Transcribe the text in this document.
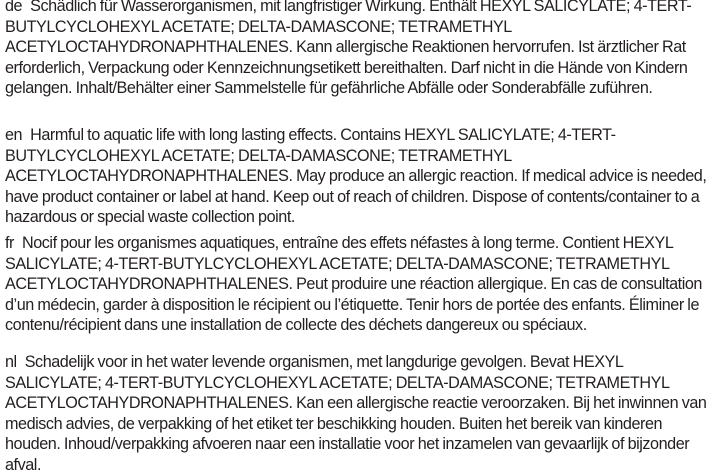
de Schädlich für Wasserorganismen, mit langfristiger Wirkung. Enthält HEXYL SALICYLATE; 4-TERT-BUTYLCYCLOHEXYL ACETATE; DELTA-DAMASCONE; TETRAMETHYL ACETYLOCTAHYDRONAPHTHALENES. Kann allergische Reaktionen hervorrufen. Ist ärztlicher Rat erforderlich, Verpackung oder Kennzeichnungsetikett bereithalten. Darf nicht in die Hände von Kindern gelangen. Inhalt/Behälter einer Sammelstelle für gefährliche Abfälle oder Sonderabfälle zuführen.

en Harmful to aquatic life with long lasting effects. Contains HEXYL SALICYLATE; 4-TERT-BUTYLCYCLOHEXYL ACETATE; DELTA-DAMASCONE; TETRAMETHYL ACETYLOCTAHYDRONAPHTHALENES. May produce an allergic reaction. If medical advice is needed, have product container or label at hand. Keep out of reach of children. Dispose of contents/container to a hazardous or special waste collection point.

fr Nocif pour les organismes aquatiques, entraîne des effets néfastes à long terme. Contient HEXYL SALICYLATE; 4-TERT-BUTYLCYCLOHEXYL ACETATE; DELTA-DAMASCONE; TETRAMETHYL ACETYLOCTAHYDRONAPHTHALENES. Peut produire une réaction allergique. En cas de consultation d’un médecin, garder à disposition le récipient ou l’étiquette. Tenir hors de portée des enfants. Éliminer le contenu/récipient dans une installation de collecte des déchets dangereux ou spéciaux.

nl Schadelijk voor in het water levende organismen, met langdurige gevolgen. Bevat HEXYL SALICYLATE; 4-TERT-BUTYLCYCLOHEXYL ACETATE; DELTA-DAMASCONE; TETRAMETHYL ACETYLOCTAHYDRONAPHTHALENES. Kan een allergische reactie veroorzaken. Bij het inwinnen van medisch advies, de verpakking of het etiket ter beschikking houden. Buiten het bereik van kinderen houden. Inhoud/verpakking afvoeren naar een installatie voor het inzamelen van gevaarlijk of bijzonder afval.
